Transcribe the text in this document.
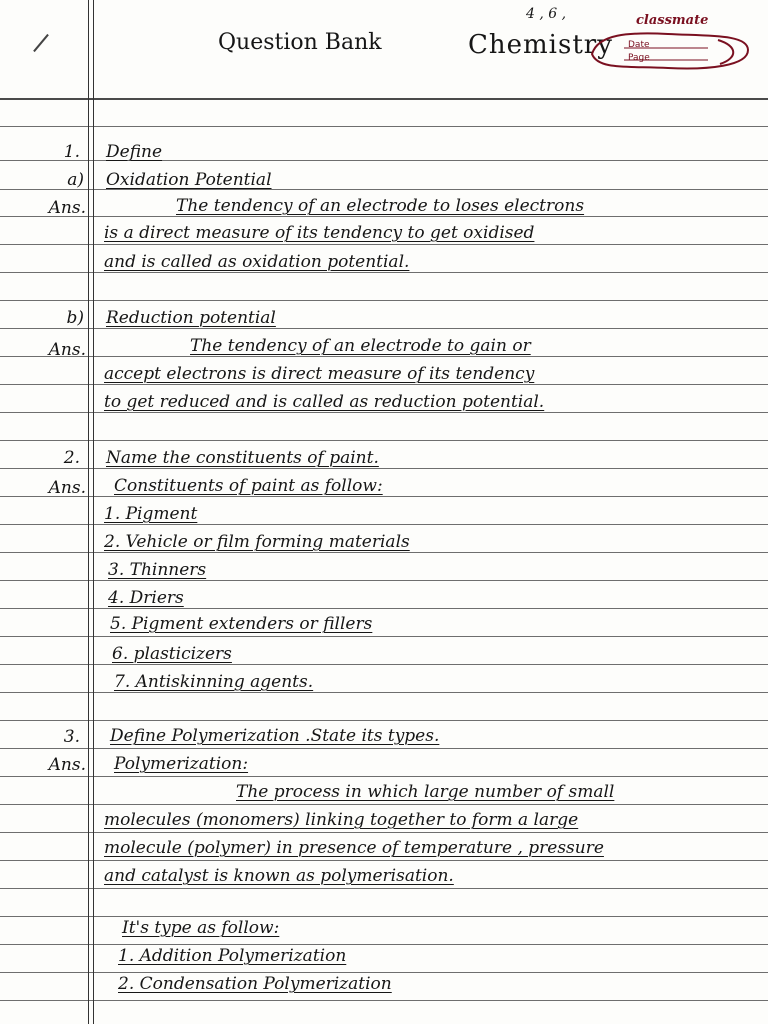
4 , 6 ,
Question Bank	Chemistry
classmate
Date
Page
1. Define
a) Oxidation Potential
Ans.	The tendency of an electrode to loses electrons
is a direct measure of its tendency to get oxidised
and is called as oxidation potential.
b) Reduction potential
Ans.	The tendency of an electrode to gain or
accept electrons is direct measure of its tendency
to get reduced and is called as reduction potential.
2. Name the constituents of paint.
Ans. Constituents of paint as follow:
1. Pigment
2. Vehicle or film forming materials
3. Thinners
4. Driers
5. Pigment extenders or fillers
6. plasticizers
7. Antiskinning agents.
3. Define Polymerization .State its types.
Ans. Polymerization:
The process in which large number of small
molecules (monomers) linking together to form a large
molecule (polymer) in presence of temperature , pressure
and catalyst is known as polymerisation.
It's type as follow:
1. Addition Polymerization
2. Condensation Polymerization
